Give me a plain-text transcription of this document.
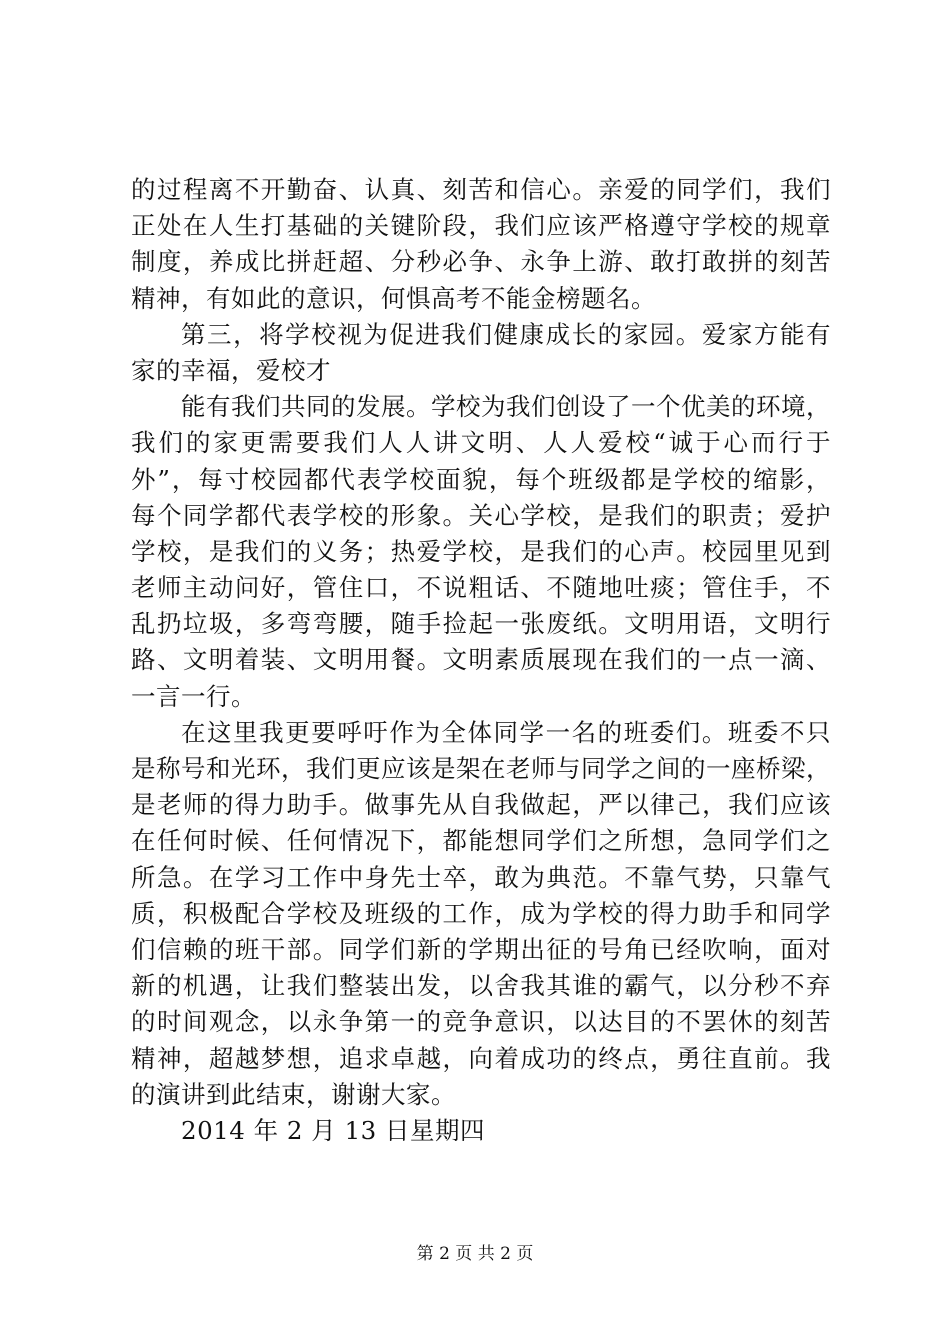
的过程离不开勤奋、认真、刻苦和信心。亲爱的同学们，我们
正处在人生打基础的关键阶段，我们应该严格遵守学校的规章
制度，养成比拼赶超、分秒必争、永争上游、敢打敢拼的刻苦
精神，有如此的意识，何惧高考不能金榜题名。
第三，将学校视为促进我们健康成长的家园。爱家方能有
家的幸福，爱校才
能有我们共同的发展。学校为我们创设了一个优美的环境，
我们的家更需要我们人人讲文明、人人爱校“诚于心而行于
外”，每寸校园都代表学校面貌，每个班级都是学校的缩影，
每个同学都代表学校的形象。关心学校，是我们的职责；爱护
学校，是我们的义务；热爱学校，是我们的心声。校园里见到
老师主动问好，管住口，不说粗话、不随地吐痰；管住手，不
乱扔垃圾，多弯弯腰，随手捡起一张废纸。文明用语，文明行
路、文明着装、文明用餐。文明素质展现在我们的一点一滴、
一言一行。
在这里我更要呼吁作为全体同学一名的班委们。班委不只
是称号和光环，我们更应该是架在老师与同学之间的一座桥梁，
是老师的得力助手。做事先从自我做起，严以律己，我们应该
在任何时候、任何情况下，都能想同学们之所想，急同学们之
所急。在学习工作中身先士卒，敢为典范。不靠气势，只靠气
质，积极配合学校及班级的工作，成为学校的得力助手和同学
们信赖的班干部。同学们新的学期出征的号角已经吹响，面对
新的机遇，让我们整装出发，以舍我其谁的霸气，以分秒不弃
的时间观念，以永争第一的竞争意识，以达目的不罢休的刻苦
精神，超越梦想，追求卓越，向着成功的终点，勇往直前。我
的演讲到此结束，谢谢大家。
2014 年 2 月 13 日星期四
第 2 页 共 2 页
